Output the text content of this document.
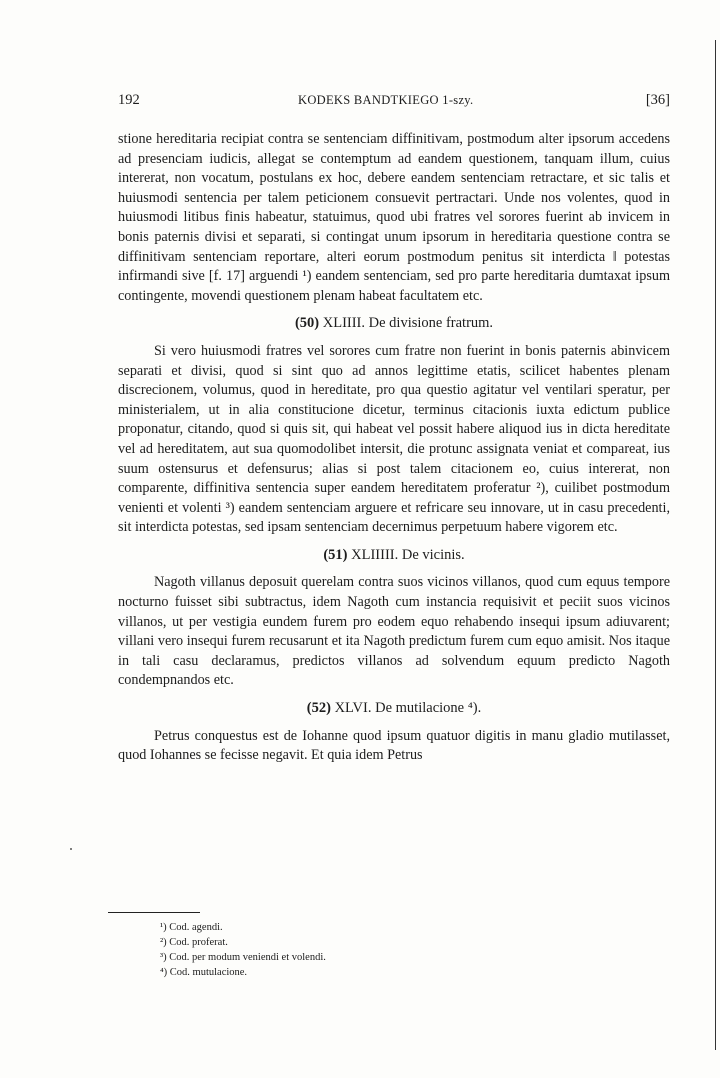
192	KODEKS BANDTKIEGO 1-szy.	[36]

stione hereditaria recipiat contra se sentenciam diffinitivam, postmodum alter ipsorum accedens ad presenciam iudicis, allegat se contemptum ad eandem questionem, tanquam illum, cuius intererat, non vocatum, postulans ex hoc, debere eandem sentenciam retractare, et sic talis et huiusmodi sentencia per talem peticionem consuevit pertractari. Unde nos volentes, quod in huiusmodi litibus finis habeatur, statuimus, quod ubi fratres vel sorores fuerint ab invicem in bonis paternis divisi et separati, si contingat unum ipsorum in hereditaria questione contra se diffinitivam sentenciam reportare, alteri eorum postmodum penitus sit interdicta ‖ potestas infirmandi sive [f. 17] arguendi ¹) eandem sentenciam, sed pro parte hereditaria dumtaxat ipsum contingente, movendi questionem plenam habeat facultatem etc.

(50) XLIIII. De divisione fratrum.

Si vero huiusmodi fratres vel sorores cum fratre non fuerint in bonis paternis abinvicem separati et divisi, quod si sint quo ad annos legittime etatis, scilicet habentes plenam discrecionem, volumus, quod in hereditate, pro qua questio agitatur vel ventilari speratur, per ministerialem, ut in alia constitucione dicetur, terminus citacionis iuxta edictum publice proponatur, citando, quod si quis sit, qui habeat vel possit habere aliquod ius in dicta hereditate vel ad hereditatem, aut sua quomodolibet intersit, die protunc assignata veniat et compareat, ius suum ostensurus et defensurus; alias si post talem citacionem eo, cuius intererat, non comparente, diffinitiva sentencia super eandem hereditatem proferatur ²), cuilibet postmodum venienti et volenti ³) eandem sentenciam arguere et refricare seu innovare, ut in casu precedenti, sit interdicta potestas, sed ipsam sentenciam decernimus perpetuum habere vigorem etc.

(51) XLIIIII. De vicinis.

Nagoth villanus deposuit querelam contra suos vicinos villanos, quod cum equus tempore nocturno fuisset sibi subtractus, idem Nagoth cum instancia requisivit et peciit suos vicinos villanos, ut per vestigia eundem furem pro eodem equo rehabendo insequi ipsum adiuvarent; villani vero insequi furem recusarunt et ita Nagoth predictum furem cum equo amisit. Nos itaque in tali casu declaramus, predictos villanos ad solvendum equum predicto Nagoth condempnandos etc.

(52) XLVI. De mutilacione ⁴).

Petrus conquestus est de Iohanne quod ipsum quatuor digitis in manu gladio mutilasset, quod Iohannes se fecisse negavit. Et quia idem Petrus

¹) Cod. agendi.

²) Cod. proferat.

³) Cod. per modum veniendi et volendi.

⁴) Cod. mutulacione.
